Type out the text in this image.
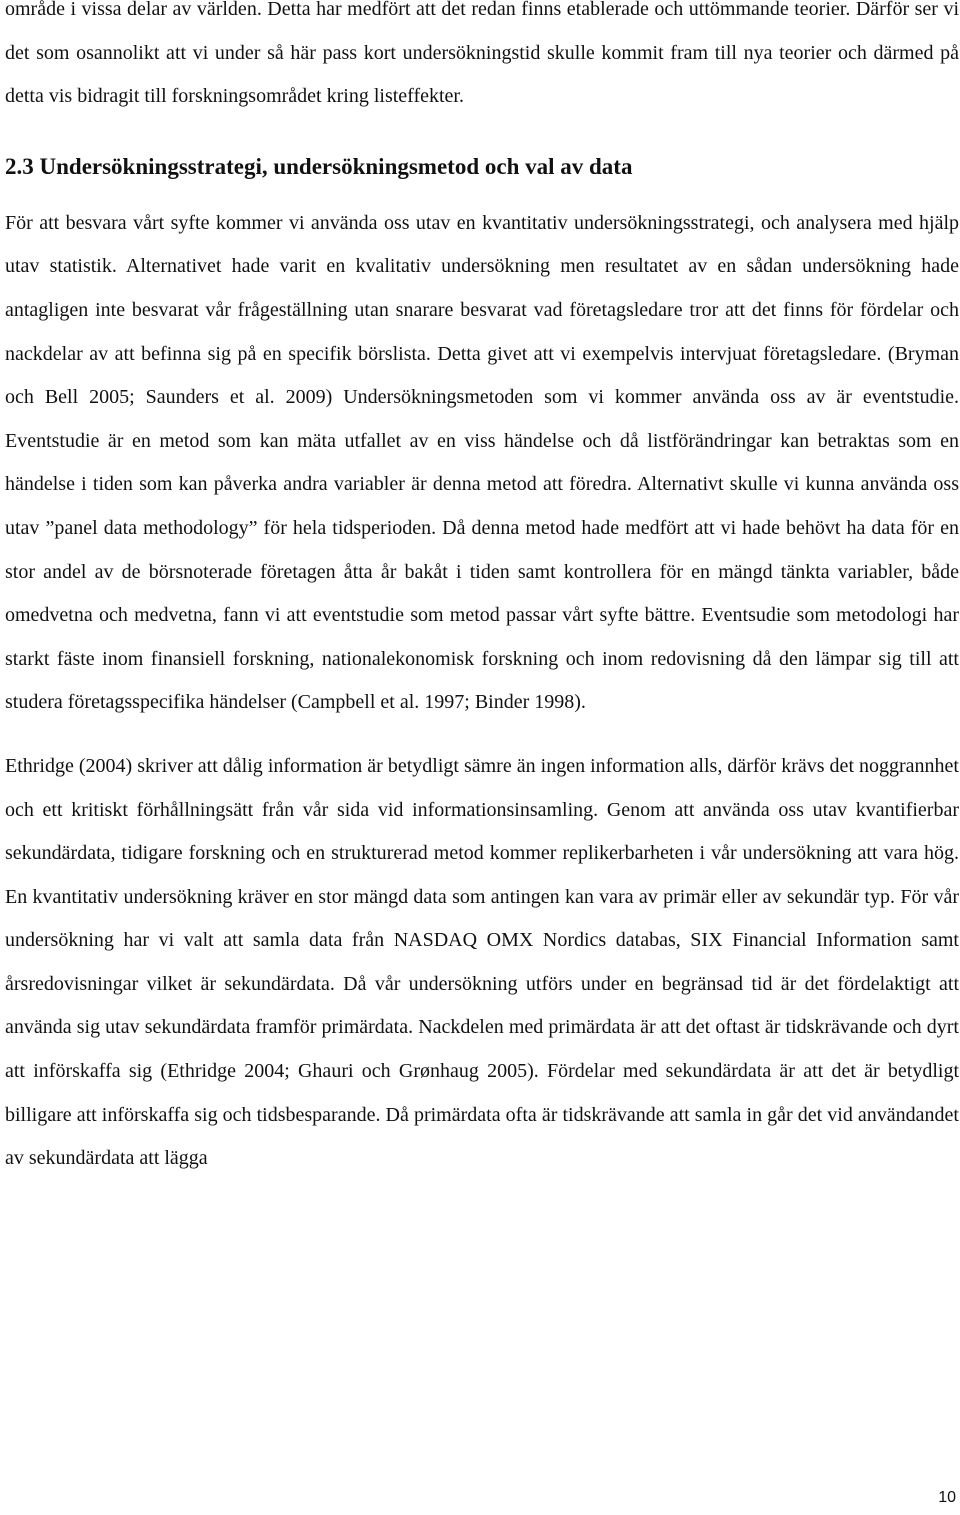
område i vissa delar av världen. Detta har medfört att det redan finns etablerade och uttömmande teorier. Därför ser vi det som osannolikt att vi under så här pass kort undersökningstid skulle kommit fram till nya teorier och därmed på detta vis bidragit till forskningsområdet kring listeffekter.

2.3 Undersökningsstrategi, undersökningsmetod och val av data

För att besvara vårt syfte kommer vi använda oss utav en kvantitativ undersökningsstrategi, och analysera med hjälp utav statistik. Alternativet hade varit en kvalitativ undersökning men resultatet av en sådan undersökning hade antagligen inte besvarat vår frågeställning utan snarare besvarat vad företagsledare tror att det finns för fördelar och nackdelar av att befinna sig på en specifik börslista. Detta givet att vi exempelvis intervjuat företagsledare. (Bryman och Bell 2005; Saunders et al. 2009) Undersökningsmetoden som vi kommer använda oss av är eventstudie. Eventstudie är en metod som kan mäta utfallet av en viss händelse och då listförändringar kan betraktas som en händelse i tiden som kan påverka andra variabler är denna metod att föredra. Alternativt skulle vi kunna använda oss utav ”panel data methodology” för hela tidsperioden. Då denna metod hade medfört att vi hade behövt ha data för en stor andel av de börsnoterade företagen åtta år bakåt i tiden samt kontrollera för en mängd tänkta variabler, både omedvetna och medvetna, fann vi att eventstudie som metod passar vårt syfte bättre. Eventsudie som metodologi har starkt fäste inom finansiell forskning, nationalekonomisk forskning och inom redovisning då den lämpar sig till att studera företagsspecifika händelser (Campbell et al. 1997; Binder 1998).

Ethridge (2004) skriver att dålig information är betydligt sämre än ingen information alls, därför krävs det noggrannhet och ett kritiskt förhållningsätt från vår sida vid informationsinsamling. Genom att använda oss utav kvantifierbar sekundärdata, tidigare forskning och en strukturerad metod kommer replikerbarheten i vår undersökning att vara hög. En kvantitativ undersökning kräver en stor mängd data som antingen kan vara av primär eller av sekundär typ. För vår undersökning har vi valt att samla data från NASDAQ OMX Nordics databas, SIX Financial Information samt årsredovisningar vilket är sekundärdata. Då vår undersökning utförs under en begränsad tid är det fördelaktigt att använda sig utav sekundärdata framför primärdata. Nackdelen med primärdata är att det oftast är tidskrävande och dyrt att införskaffa sig (Ethridge 2004; Ghauri och Grønhaug 2005). Fördelar med sekundärdata är att det är betydligt billigare att införskaffa sig och tidsbesparande. Då primärdata ofta är tidskrävande att samla in går det vid användandet av sekundärdata att lägga

10
